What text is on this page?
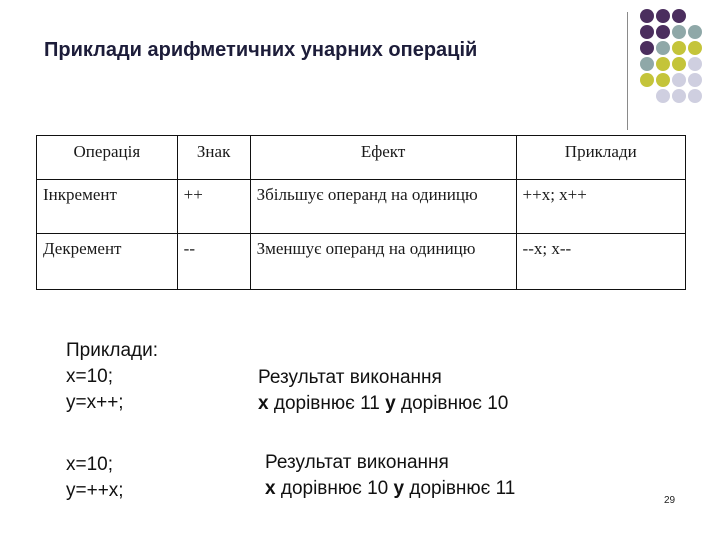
Приклади арифметичних унарних операцій
Операція	Знак	Ефект	Приклади
Інкремент	++	Збільшує операнд на одиницю	++x; x++
Декремент	--	Зменшує операнд на одиницю	--x; x--
Приклади:
x=10;
y=x++;
Результат виконання
x дорівнює 11 y дорівнює 10
x=10;
y=++x;
Результат виконання
x дорівнює 10 y дорівнює 11
29
